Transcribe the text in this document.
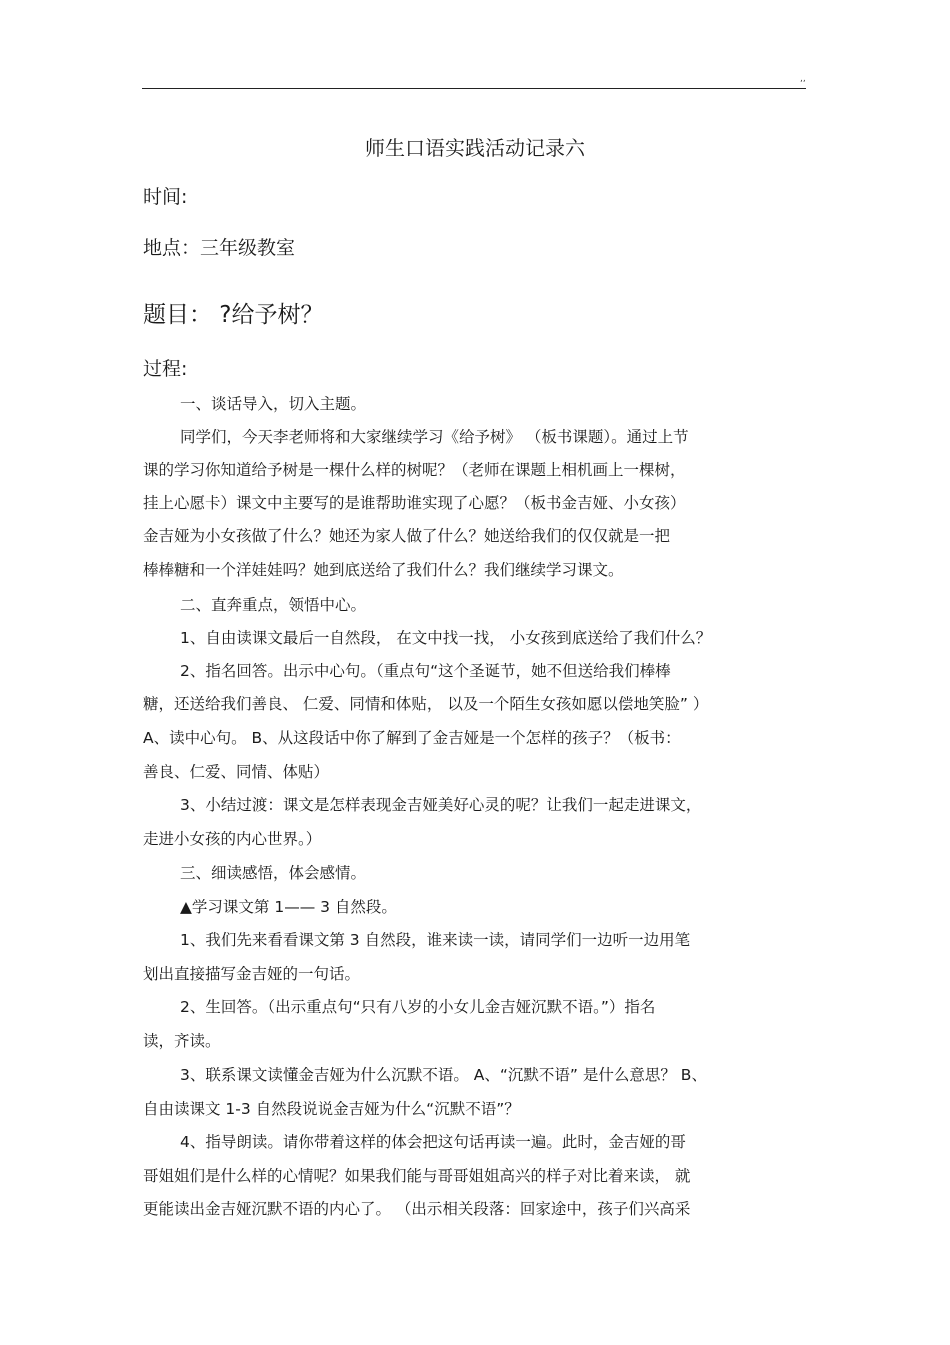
,,
师生口语实践活动记录六
时间:
地点：三年级教室
题目： ?给予树？
过程:

一、谈话导入，切入主题。

同学们，今天李老师将和大家继续学习《给予树》 （板书课题）。通过上节

课的学习你知道给予树是一棵什么样的树呢？（老师在课题上相机画上一棵树，

挂上心愿卡）课文中主要写的是谁帮助谁实现了心愿？（板书金吉娅、小女孩）

金吉娅为小女孩做了什么？她还为家人做了什么？她送给我们的仅仅就是一把

棒棒糖和一个洋娃娃吗？她到底送给了我们什么？我们继续学习课文。

二、直奔重点，领悟中心。

1、自由读课文最后一自然段， 在文中找一找， 小女孩到底送给了我们什么？

2、指名回答。出示中心句。（重点句“这个圣诞节，她不但送给我们棒棒

糖，还送给我们善良、 仁爱、同情和体贴， 以及一个陌生女孩如愿以偿地笑脸” ）

A、读中心句。 B、从这段话中你了解到了金吉娅是一个怎样的孩子？（板书：

善良、仁爱、同情、体贴）

3、小结过渡：课文是怎样表现金吉娅美好心灵的呢？让我们一起走进课文，

走进小女孩的内心世界。）

三、细读感悟，体会感情。

▲学习课文第 1—— 3 自然段。

1、我们先来看看课文第 3 自然段，谁来读一读，请同学们一边听一边用笔

划出直接描写金吉娅的一句话。

2、生回答。（出示重点句“只有八岁的小女儿金吉娅沉默不语。”）指名

读，齐读。

3、联系课文读懂金吉娅为什么沉默不语。 A、“沉默不语” 是什么意思？ B、

自由读课文 1-3 自然段说说金吉娅为什么“沉默不语”？

4、指导朗读。请你带着这样的体会把这句话再读一遍。此时，金吉娅的哥

哥姐姐们是什么样的心情呢？如果我们能与哥哥姐姐高兴的样子对比着来读， 就

更能读出金吉娅沉默不语的内心了。 （出示相关段落：回家途中，孩子们兴高采
